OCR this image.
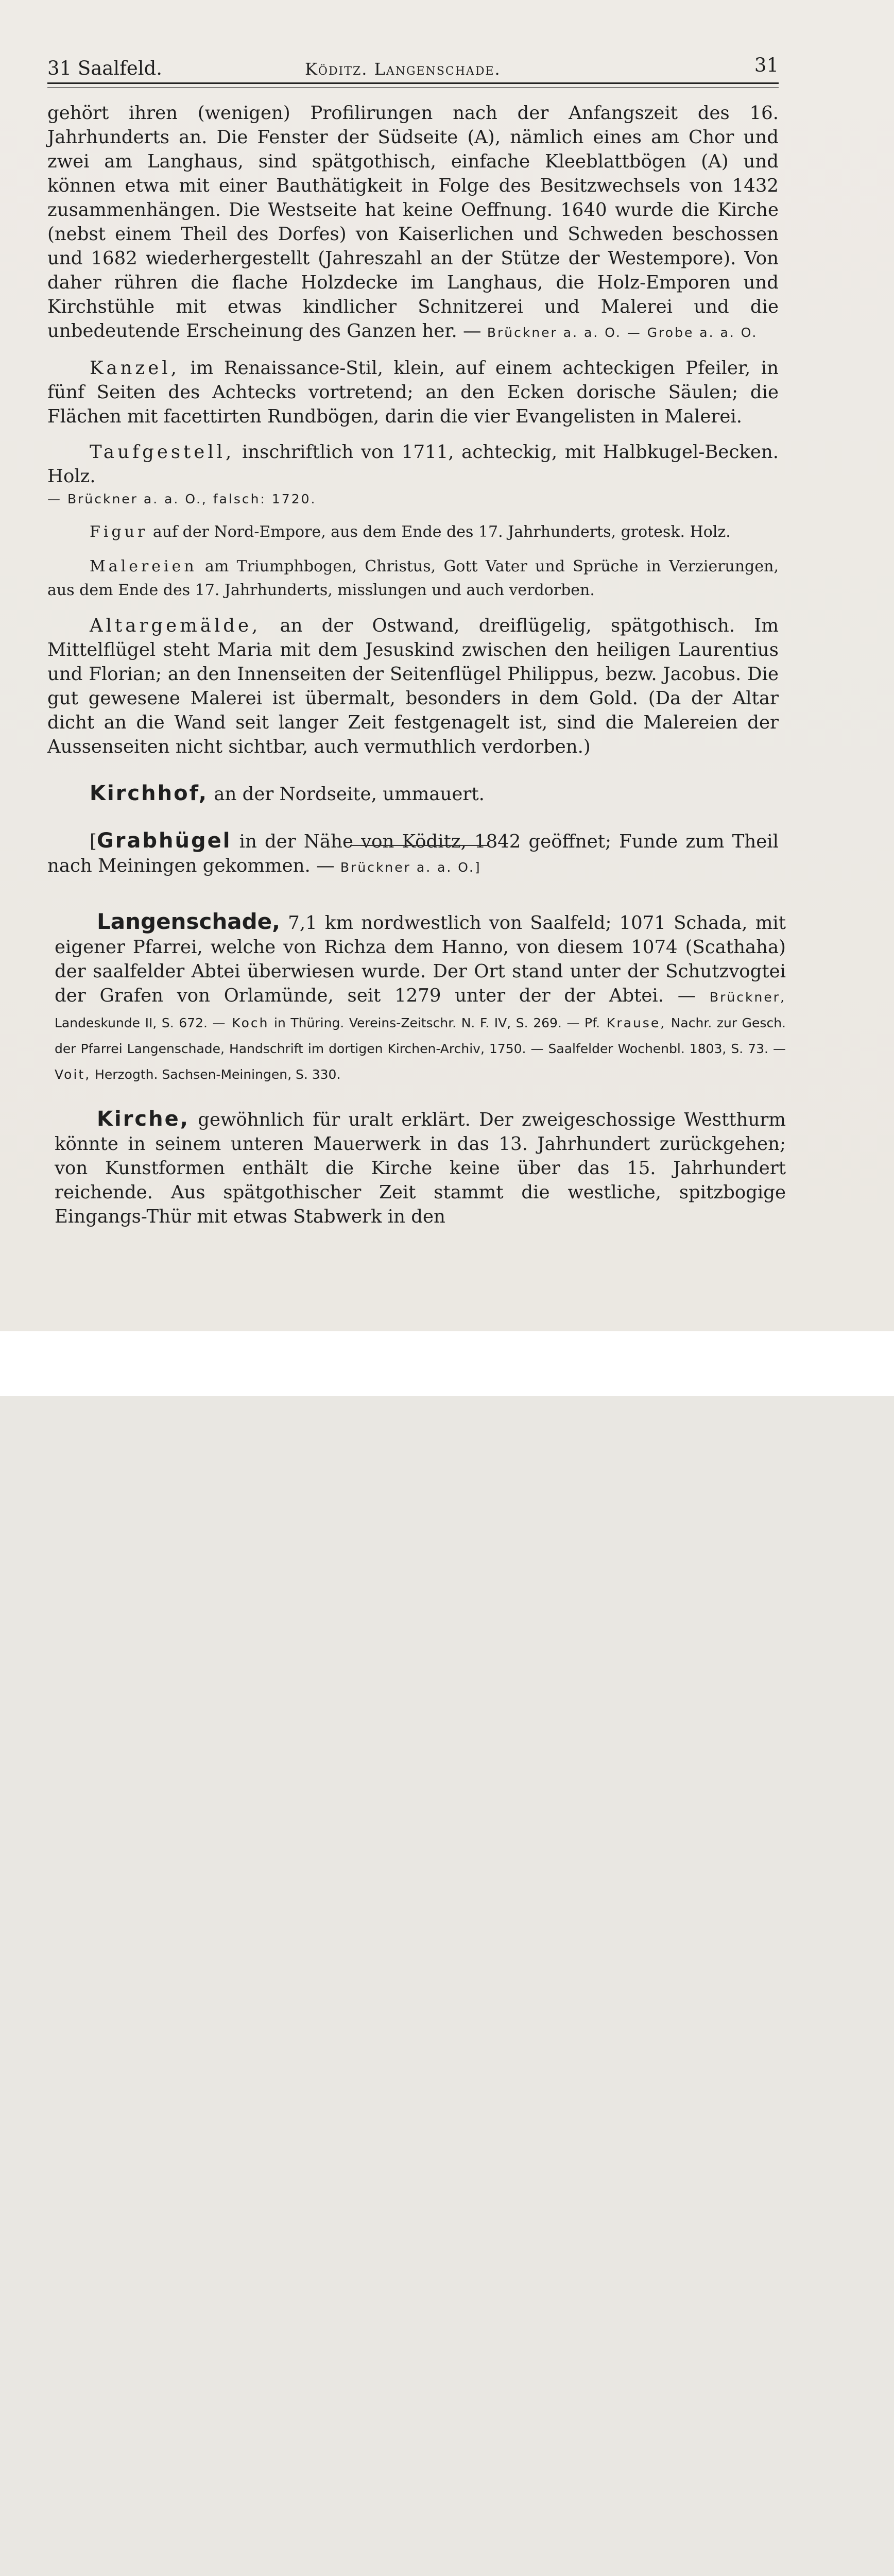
31 Saalfeld.	Köditz. Langenschade.	31

gehört ihren (wenigen) Profilirungen nach der Anfangszeit des 16. Jahrhunderts an. Die Fenster der Südseite (A), nämlich eines am Chor und zwei am Langhaus, sind spätgothisch, einfache Kleeblattbögen (A) und können etwa mit einer Bauthätigkeit in Folge des Besitzwechsels von 1432 zusammenhängen. Die Westseite hat keine Oeffnung. 1640 wurde die Kirche (nebst einem Theil des Dorfes) von Kaiserlichen und Schweden beschossen und 1682 wiederhergestellt (Jahreszahl an der Stütze der Westempore). Von daher rühren die flache Holzdecke im Langhaus, die Holz-Emporen und Kirchstühle mit etwas kindlicher Schnitzerei und Malerei und die unbedeutende Erscheinung des Ganzen her. — Brückner a. a. O. — Grobe a. a. O.

Kanzel, im Renaissance-Stil, klein, auf einem achteckigen Pfeiler, in fünf Seiten des Achtecks vortretend; an den Ecken dorische Säulen; die Flächen mit facettirten Rundbögen, darin die vier Evangelisten in Malerei.

Taufgestell, inschriftlich von 1711, achteckig, mit Halbkugel-Becken. Holz.

— Brückner a. a. O., falsch: 1720.

Figur auf der Nord-Empore, aus dem Ende des 17. Jahrhunderts, grotesk. Holz.

Malereien am Triumphbogen, Christus, Gott Vater und Sprüche in Verzierungen, aus dem Ende des 17. Jahrhunderts, misslungen und auch verdorben.

Altargemälde, an der Ostwand, dreiflügelig, spätgothisch. Im Mittelflügel steht Maria mit dem Jesuskind zwischen den heiligen Laurentius und Florian; an den Innenseiten der Seitenflügel Philippus, bezw. Jacobus. Die gut gewesene Malerei ist übermalt, besonders in dem Gold. (Da der Altar dicht an die Wand seit langer Zeit festgenagelt ist, sind die Malereien der Aussenseiten nicht sichtbar, auch vermuthlich verdorben.)

Kirchhof, an der Nordseite, ummauert.

[Grabhügel in der Nähe von Köditz, 1842 geöffnet; Funde zum Theil nach Meiningen gekommen. — Brückner a. a. O.]

Langenschade, 7,1 km nordwestlich von Saalfeld; 1071 Schada, mit eigener Pfarrei, welche von Richza dem Hanno, von diesem 1074 (Scathaha) der saalfelder Abtei überwiesen wurde. Der Ort stand unter der Schutzvogtei der Grafen von Orlamünde, seit 1279 unter der der Abtei. — Brückner, Landeskunde II, S. 672. — Koch in Thüring. Vereins-Zeitschr. N. F. IV, S. 269. — Pf. Krause, Nachr. zur Gesch. der Pfarrei Langenschade, Handschrift im dortigen Kirchen-Archiv, 1750. — Saalfelder Wochenbl. 1803, S. 73. — Voit, Herzogth. Sachsen-Meiningen, S. 330.

Kirche, gewöhnlich für uralt erklärt. Der zweigeschossige Westthurm könnte in seinem unteren Mauerwerk in das 13. Jahrhundert zurückgehen; von Kunstformen enthält die Kirche keine über das 15. Jahrhundert reichende. Aus spätgothischer Zeit stammt die westliche, spitzbogige Eingangs-Thür mit etwas Stabwerk in den
